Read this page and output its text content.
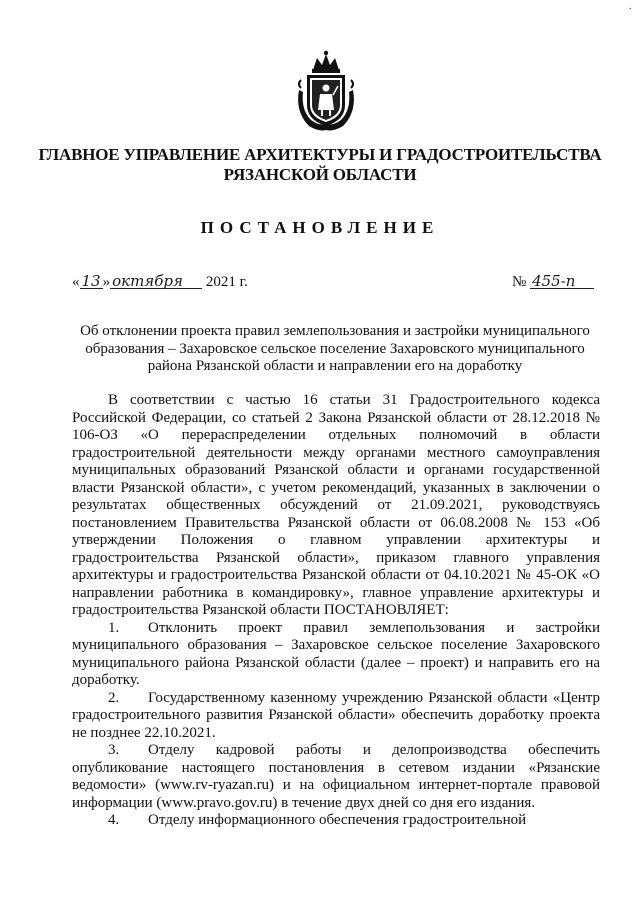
·
ГЛАВНОЕ УПРАВЛЕНИЕ АРХИТЕКТУРЫ И ГРАДОСТРОИТЕЛЬСТВА
РЯЗАНСКОЙ ОБЛАСТИ
ПОСТАНОВЛЕНИЕ
« 13 » октября 2021 г.	№ 455-п
Об отклонении проекта правил землепользования и застройки муниципального образования – Захаровское сельское поселение Захаровского муниципального района Рязанской области и направлении его на доработку

В соответствии с частью 16 статьи 31 Градостроительного кодекса Российской Федерации, со статьей 2 Закона Рязанской области от 28.12.2018 № 106-ОЗ «О перераспределении отдельных полномочий в области градостроительной деятельности между органами местного самоуправления муниципальных образований Рязанской области и органами государственной власти Рязанской области», с учетом рекомендаций, указанных в заключении о результатах общественных обсуждений от 21.09.2021, руководствуясь постановлением Правительства Рязанской области от 06.08.2008 № 153 «Об утверждении Положения о главном управлении архитектуры и градостроительства Рязанской области», приказом главного управления архитектуры и градостроительства Рязанской области от 04.10.2021 № 45-ОК «О направлении работника в командировку», главное управление архитектуры и градостроительства Рязанской области ПОСТАНОВЛЯЕТ:

1. Отклонить проект правил землепользования и застройки муниципального образования – Захаровское сельское поселение Захаровского муниципального района Рязанской области (далее – проект) и направить его на доработку.

2. Государственному казенному учреждению Рязанской области «Центр градостроительного развития Рязанской области» обеспечить доработку проекта не позднее 22.10.2021.

3. Отделу кадровой работы и делопроизводства обеспечить опубликование настоящего постановления в сетевом издании «Рязанские ведомости» (www.rv-ryazan.ru) и на официальном интернет-портале правовой информации (www.pravo.gov.ru) в течение двух дней со дня его издания.

4. Отделу информационного обеспечения градостроительной
